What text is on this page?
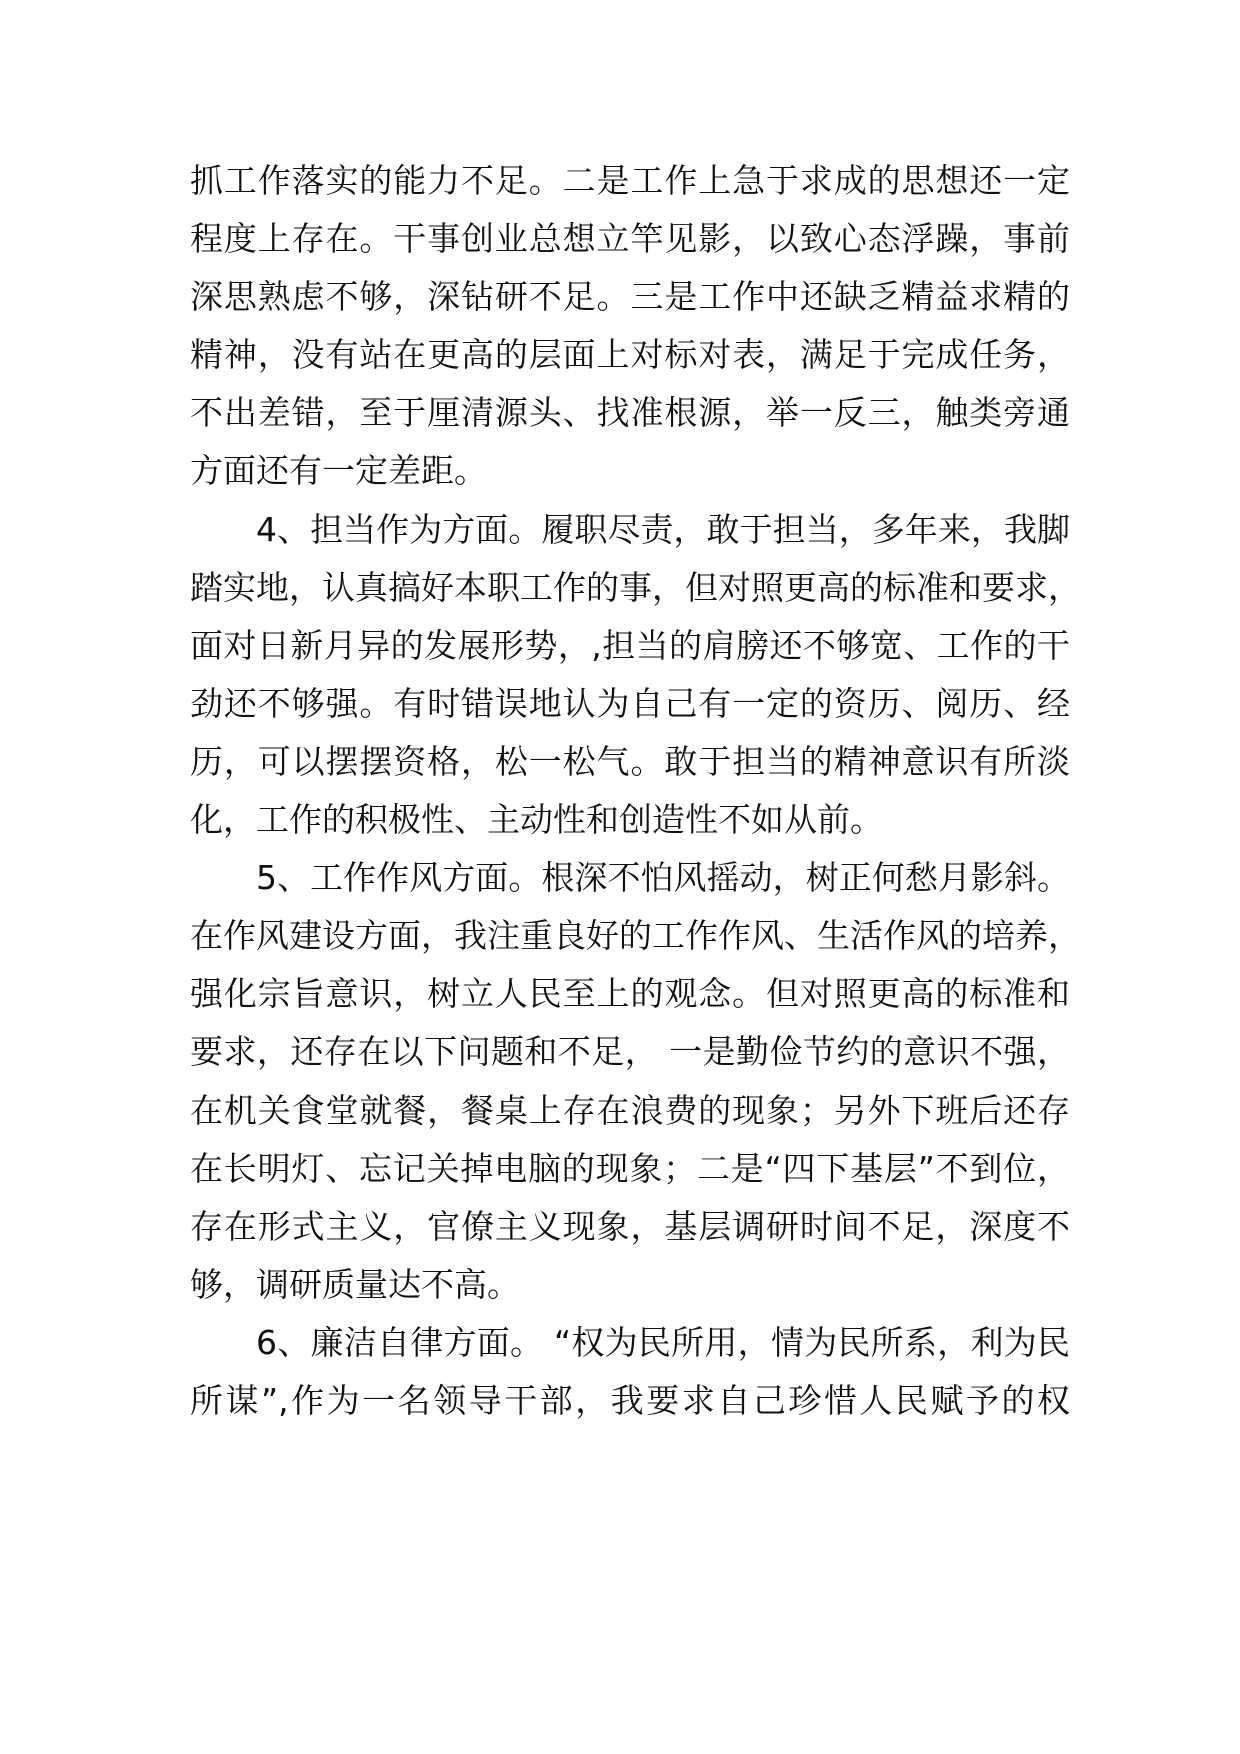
抓工作落实的能力不足。二是工作上急于求成的思想还一定
程度上存在。干事创业总想立竿见影，以致心态浮躁，事前
深思熟虑不够，深钻研不足。三是工作中还缺乏精益求精的
精神，没有站在更高的层面上对标对表，满足于完成任务，
不出差错，至于厘清源头、找准根源，举一反三，触类旁通
方面还有一定差距。
4、担当作为方面。履职尽责，敢于担当，多年来，我脚
踏实地，认真搞好本职工作的事，但对照更高的标准和要求，
面对日新月异的发展形势，,担当的肩膀还不够宽、工作的干
劲还不够强。有时错误地认为自己有一定的资历、阅历、经
历，可以摆摆资格，松一松气。敢于担当的精神意识有所淡
化，工作的积极性、主动性和创造性不如从前。
5、工作作风方面。根深不怕风摇动，树正何愁月影斜。
在作风建设方面，我注重良好的工作作风、生活作风的培养，
强化宗旨意识，树立人民至上的观念。但对照更高的标准和
要求，还存在以下问题和不足， 一是勤俭节约的意识不强，
在机关食堂就餐，餐桌上存在浪费的现象；另外下班后还存
在长明灯、忘记关掉电脑的现象；二是“四下基层”不到位，
存在形式主义，官僚主义现象，基层调研时间不足，深度不
够，调研质量达不高。
6、廉洁自律方面。 “权为民所用，情为民所系，利为民
所谋”,作为一名领导干部，我要求自己珍惜人民赋予的权
